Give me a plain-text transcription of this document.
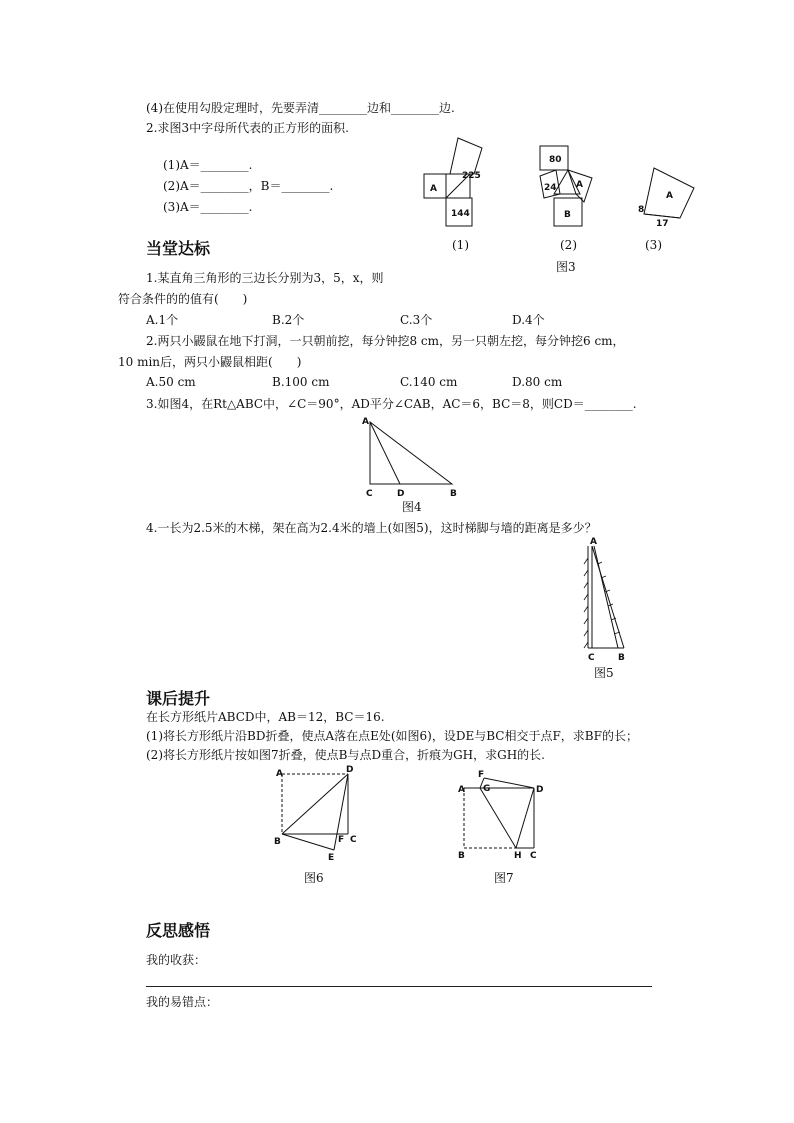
(4)在使用勾股定理时，先要弄清________边和________边.
2.求图3中字母所代表的正方形的面积.
(1)A＝________.
(2)A＝________，B＝________.
(3)A＝________.
A
225
144
(1)
80
24 A
B
(2)
A
8
17
(3)
图3
当堂达标
1.某直角三角形的三边长分别为3，5，x，则
符合条件的的值有(　　)
A.1个	B.2个	C.3个	D.4个
2.两只小鼹鼠在地下打洞，一只朝前挖，每分钟挖8 cm，另一只朝左挖，每分钟挖6 cm，
10 min后，两只小鼹鼠相距(　　)
A.50 cm	B.100 cm	C.140 cm	D.80 cm
3.如图4，在Rt△ABC中，∠C＝90°，AD平分∠CAB，AC＝6，BC＝8，则CD＝________.
A
C	D	B
图4
4.一长为2.5米的木梯，架在高为2.4米的墙上(如图5)，这时梯脚与墙的距离是多少？
A
C	B
图5
课后提升
在长方形纸片ABCD中，AB＝12，BC＝16.
(1)将长方形纸片沿BD折叠，使点A落在点E处(如图6)，设DE与BC相交于点F，求BF的长；
(2)将长方形纸片按如图7折叠，使点B与点D重合，折痕为GH，求GH的长.
A	D
B	F C
E
图6
F
A G	D
B	H C
图7
反思感悟
我的收获：
我的易错点：
